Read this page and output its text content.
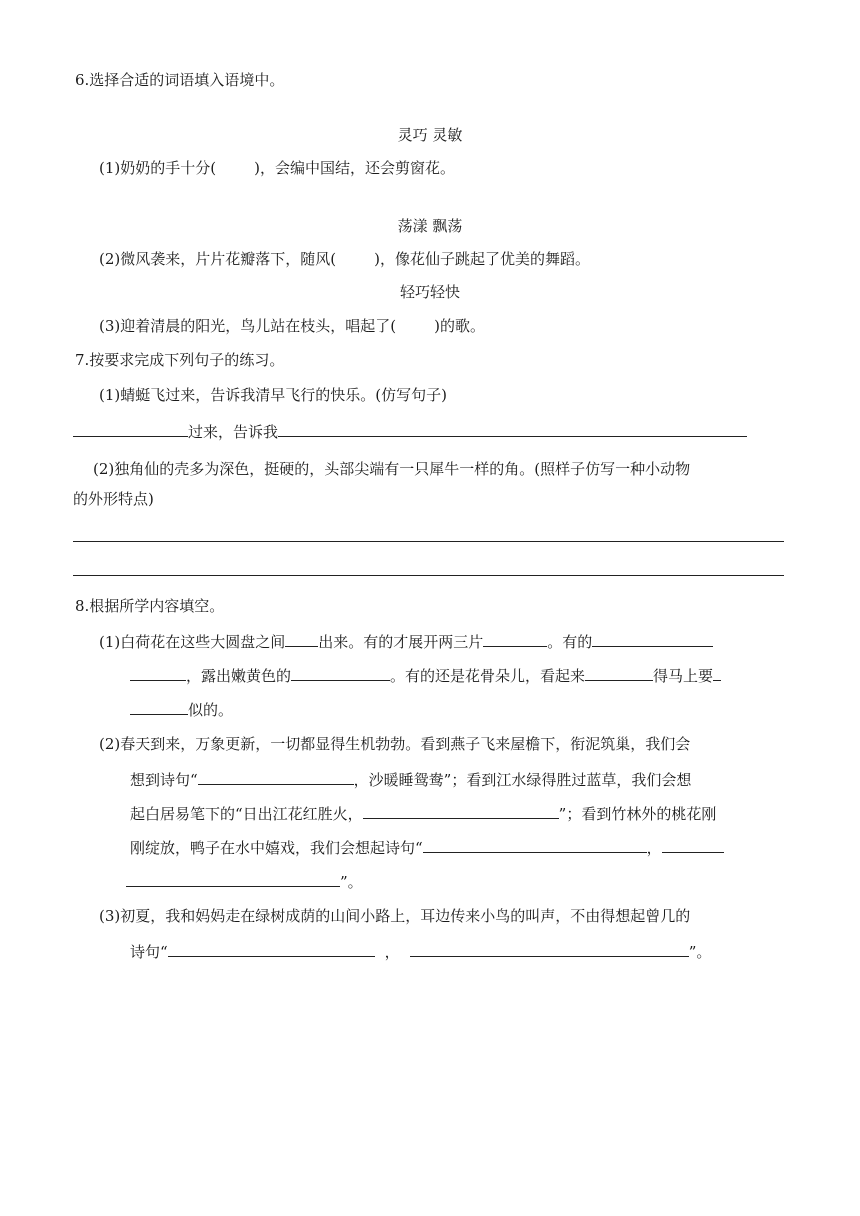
6.选择合适的词语填入语境中。
灵巧 灵敏
(1)奶奶的手十分(	)，会编中国结，还会剪窗花。
荡漾 飘荡
(2)微风袭来，片片花瓣落下，随风(	)，像花仙子跳起了优美的舞蹈。
轻巧轻快
(3)迎着清晨的阳光，鸟儿站在枝头，唱起了(	)的歌。
7.按要求完成下列句子的练习。
(1)蜻蜓飞过来，告诉我清早飞行的快乐。(仿写句子)
过来，告诉我
(2)独角仙的壳多为深色，挺硬的，头部尖端有一只犀牛一样的角。(照样子仿写一种小动物
的外形特点)
8.根据所学内容填空。
(1)白荷花在这些大圆盘之间 出来。有的才展开两三片	。有的
，露出嫩黄色的	。有的还是花骨朵儿，看起来	得马上要
似的。
(2)春天到来，万象更新，一切都显得生机勃勃。看到燕子飞来屋檐下，衔泥筑巢，我们会
想到诗句“	，沙暖睡鸳鸯”；看到江水绿得胜过蓝草，我们会想
起白居易笔下的“日出江花红胜火，	”；看到竹林外的桃花刚
刚绽放，鸭子在水中嬉戏，我们会想起诗句“	，
”。
(3)初夏，我和妈妈走在绿树成荫的山间小路上，耳边传来小鸟的叫声，不由得想起曾几的
诗句“	，	”。
